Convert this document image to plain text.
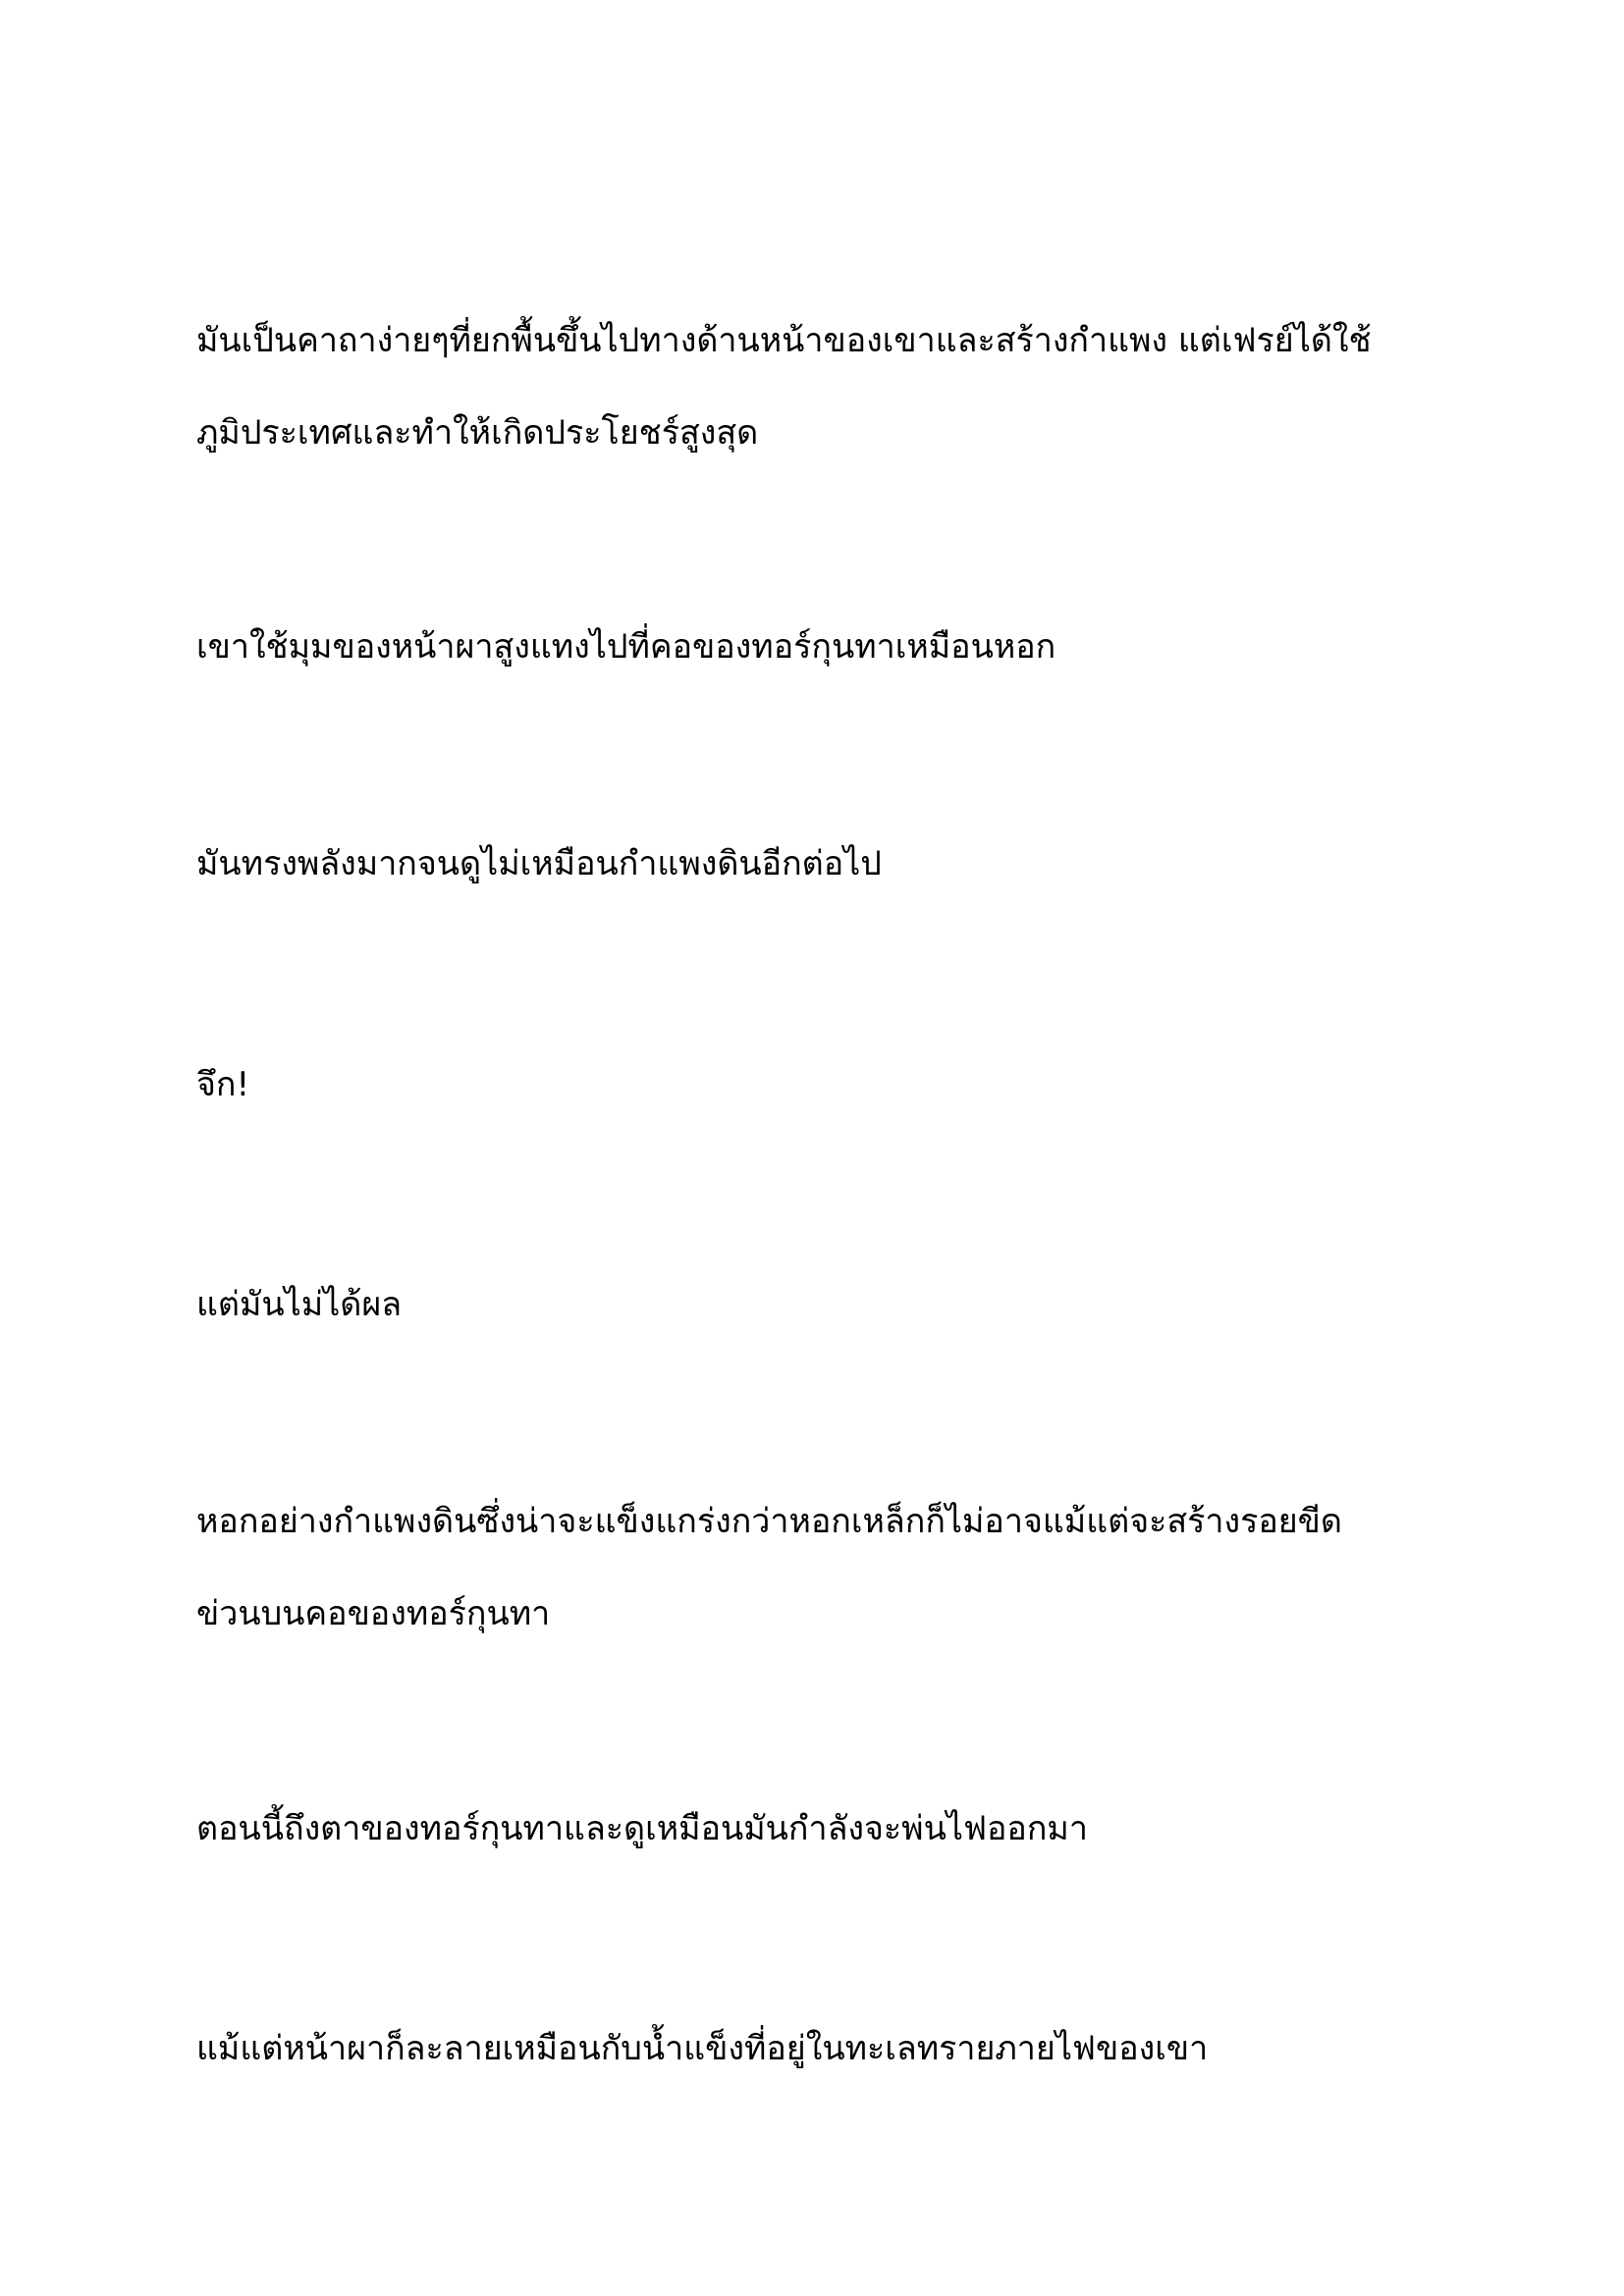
มันเป็นคาถาง่ายๆที่ยกพื้นขึ้นไปทางด้านหน้าของเขาและสร้างกำแพง แต่เฟรย์ได้ใช้
ภูมิประเทศและทำให้เกิดประโยชร์สูงสุด

เขาใช้มุมของหน้าผาสูงแทงไปที่คอของทอร์กุนทาเหมือนหอก

มันทรงพลังมากจนดูไม่เหมือนกำแพงดินอีกต่อไป

จึก!

แต่มันไม่ได้ผล

หอกอย่างกำแพงดินซึ่งน่าจะแข็งแกร่งกว่าหอกเหล็กก็ไม่อาจแม้แต่จะสร้างรอยขีด
ข่วนบนคอของทอร์กุนทา

ตอนนี้ถึงตาของทอร์กุนทาและดูเหมือนมันกำลังจะพ่นไฟออกมา

แม้แต่หน้าผาก็ละลายเหมือนกับน้ำแข็งที่อยู่ในทะเลทรายภายไฟของเขา
